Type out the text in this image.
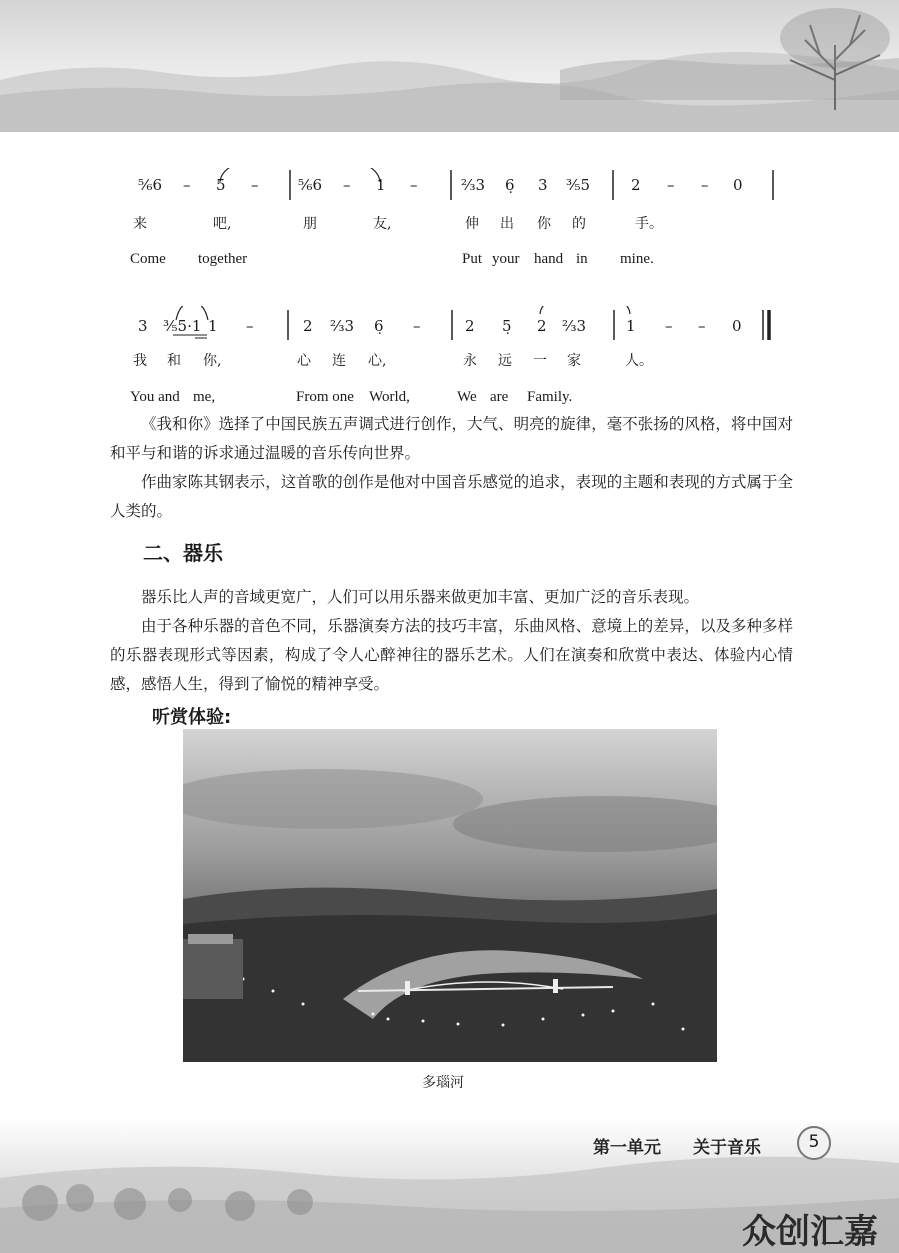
⁵⁄₆6 – 5 –	⁵⁄₆6 – 1 –	²⁄₃3 6̣ 3 ³⁄₅5	2 – – 0
来	吧,	朋	友,	伸 出 你 的	手。
Come together	Put your hand in mine.
3 ³⁄₅5·1 1 –	2 ²⁄₃3 6̣ –	2 5̣ 2 ²⁄₃3	1 – – 0
我 和 你,	心 连 心,	永 远 一 家	人。
You and me,	From one World,	We are Family.

《我和你》选择了中国民族五声调式进行创作，大气、明亮的旋律，毫不张扬的风格，将中国对和平与和谐的诉求通过温暖的音乐传向世界。

作曲家陈其钢表示，这首歌的创作是他对中国音乐感觉的追求，表现的主题和表现的方式属于全人类的。

二、器乐

器乐比人声的音域更宽广，人们可以用乐器来做更加丰富、更加广泛的音乐表现。

由于各种乐器的音色不同，乐器演奏方法的技巧丰富，乐曲风格、意境上的差异，以及多种多样的乐器表现形式等因素，构成了令人心醉神往的器乐艺术。人们在演奏和欣赏中表达、体验内心情感，感悟人生，得到了愉悦的精神享受。

听赏体验:
多瑙河
第一单元 关于音乐	5
众创汇嘉
